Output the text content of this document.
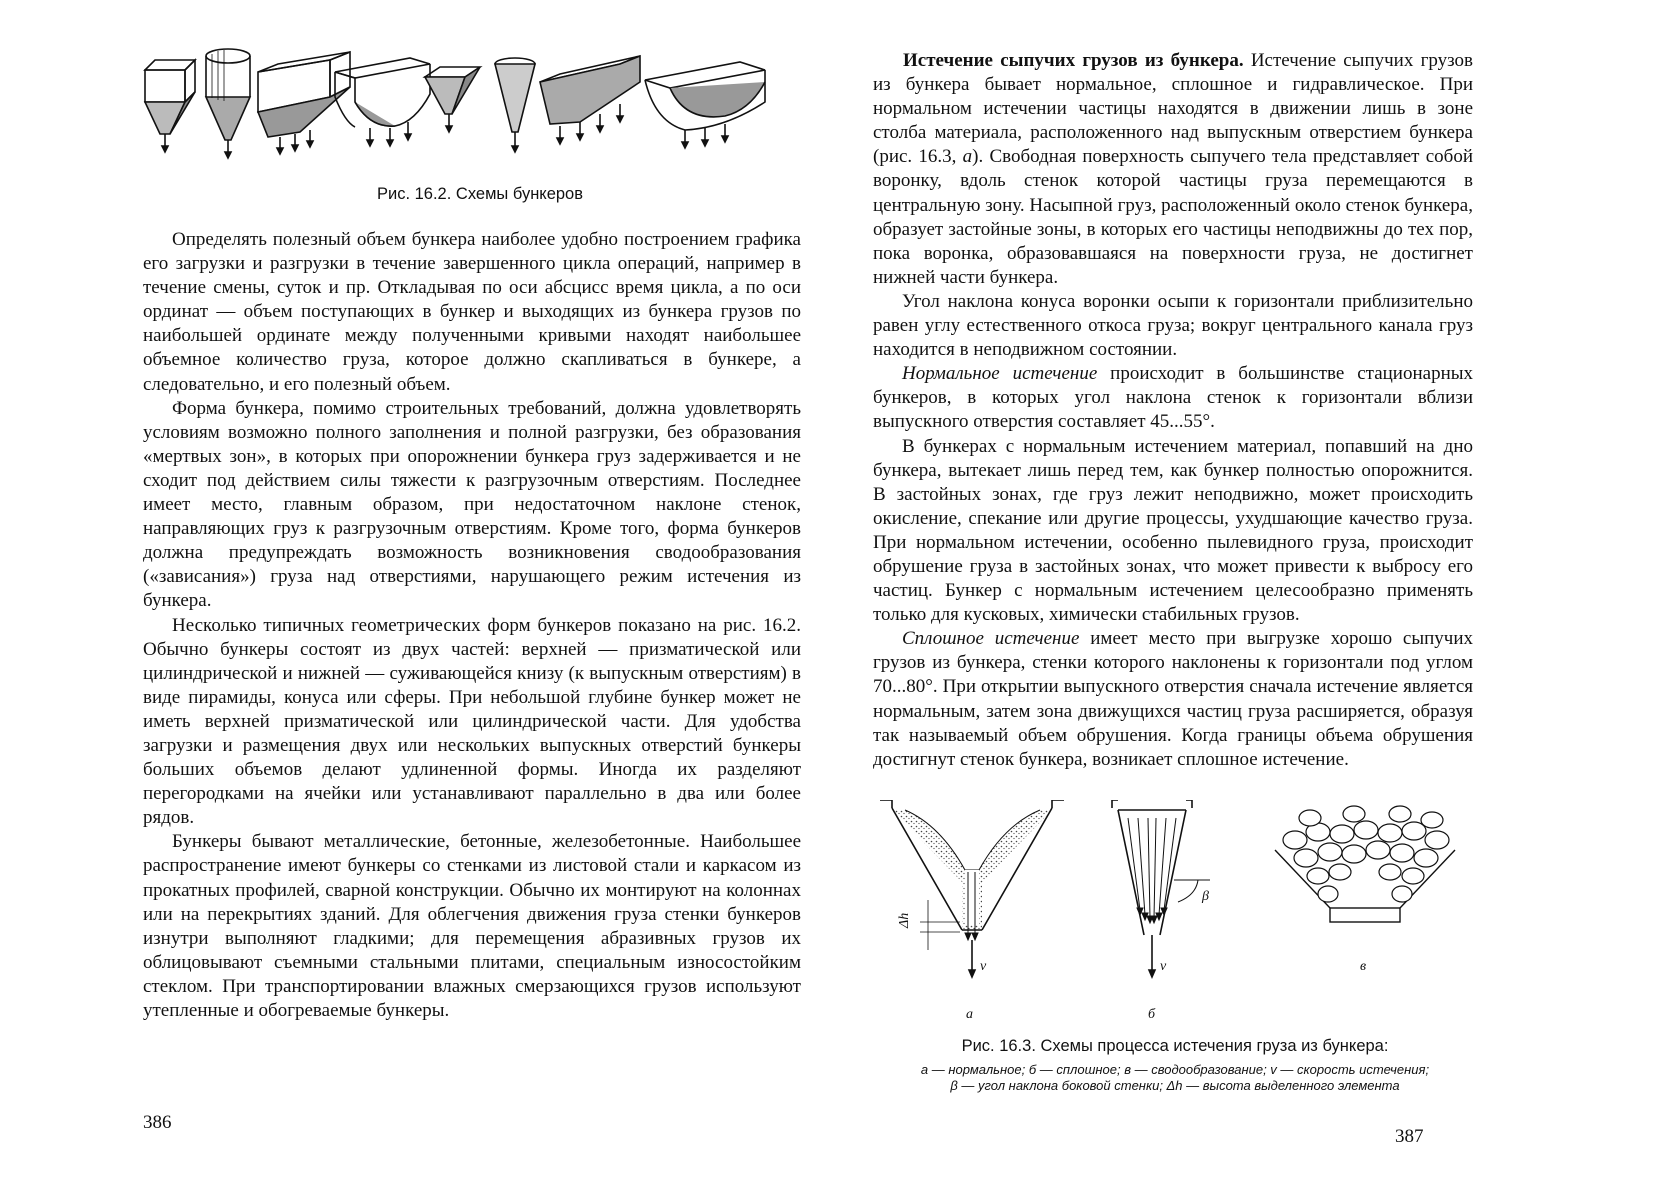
Рис. 16.2. Схемы бункеров

Определять полезный объем бункера наиболее удобно построением графика его загрузки и разгрузки в течение завершенного цикла операций, например в течение смены, суток и пр. Откладывая по оси абсцисс время цикла, а по оси ординат — объем поступающих в бункер и выходящих из бункера грузов по наибольшей ординате между полученными кривыми находят наибольшее объемное количество груза, которое должно скапливаться в бункере, а следовательно, и его полезный объем.

Форма бункера, помимо строительных требований, должна удовлетворять условиям возможно полного заполнения и полной разгрузки, без образования «мертвых зон», в которых при опорожнении бункера груз задерживается и не сходит под действием силы тяжести к разгрузочным отверстиям. Последнее имеет место, главным образом, при недостаточном наклоне стенок, направляющих груз к разгрузочным отверстиям. Кроме того, форма бункеров должна предупреждать возможность возникновения сводообразования («зависания») груза над отверстиями, нарушающего режим истечения из бункера.

Несколько типичных геометрических форм бункеров показано на рис. 16.2. Обычно бункеры состоят из двух частей: верхней — призматической или цилиндрической и нижней — суживающейся книзу (к выпускным отверстиям) в виде пирамиды, конуса или сферы. При небольшой глубине бункер может не иметь верхней призматической или цилиндрической части. Для удобства загрузки и размещения двух или нескольких выпускных отверстий бункеры больших объемов делают удлиненной формы. Иногда их разделяют перегородками на ячейки или устанавливают параллельно в два или более рядов.

Бункеры бывают металлические, бетонные, железобетонные. Наибольшее распространение имеют бункеры со стенками из листовой стали и каркасом из прокатных профилей, сварной конструкции. Обычно их монтируют на колоннах или на перекрытиях зданий. Для облегчения движения груза стенки бункеров изнутри выполняют гладкими; для перемещения абразивных грузов их облицовывают съемными стальными плитами, специальным износостойким стеклом. При транспортировании влажных смерзающихся грузов используют утепленные и обогреваемые бункеры.

386

Истечение сыпучих грузов из бункера. Истечение сыпучих грузов из бункера бывает нормальное, сплошное и гидравлическое. При нормальном истечении частицы находятся в движении лишь в зоне столба материала, расположенного над выпускным отверстием бункера (рис. 16.3, а). Свободная поверхность сыпучего тела представляет собой воронку, вдоль стенок которой частицы груза перемещаются в центральную зону. Насыпной груз, расположенный около стенок бункера, образует застойные зоны, в которых его частицы неподвижны до тех пор, пока воронка, образовавшаяся на поверхности груза, не достигнет нижней части бункера.

Угол наклона конуса воронки осыпи к горизонтали приблизительно равен углу естественного откоса груза; вокруг центрального канала груз находится в неподвижном состоянии.

Нормальное истечение происходит в большинстве стационарных бункеров, в которых угол наклона стенок к горизонтали вблизи выпускного отверстия составляет 45...55°.

В бункерах с нормальным истечением материал, попавший на дно бункера, вытекает лишь перед тем, как бункер полностью опорожнится. В застойных зонах, где груз лежит неподвижно, может происходить окисление, спекание или другие процессы, ухудшающие качество груза. При нормальном истечении, особенно пылевидного груза, происходит обрушение груза в застойных зонах, что может привести к выбросу его частиц. Бункер с нормальным истечением целесообразно применять только для кусковых, химически стабильных грузов.

Сплошное истечение имеет место при выгрузке хорошо сыпучих грузов из бункера, стенки которого наклонены к горизонтали под углом 70...80°. При открытии выпускного отверстия сначала истечение является нормальным, затем зона движущихся частиц груза расширяется, образуя так называемый объем обрушения. Когда границы объема обрушения достигнут стенок бункера, возникает сплошное истечение.

Δh
v
а
β
v
б
в
Рис. 16.3. Схемы процесса истечения груза из бункера:
а — нормальное; б — сплошное; в — сводообразование; v — скорость истечения;
β — угол наклона боковой стенки; Δh — высота выделенного элемента
387
